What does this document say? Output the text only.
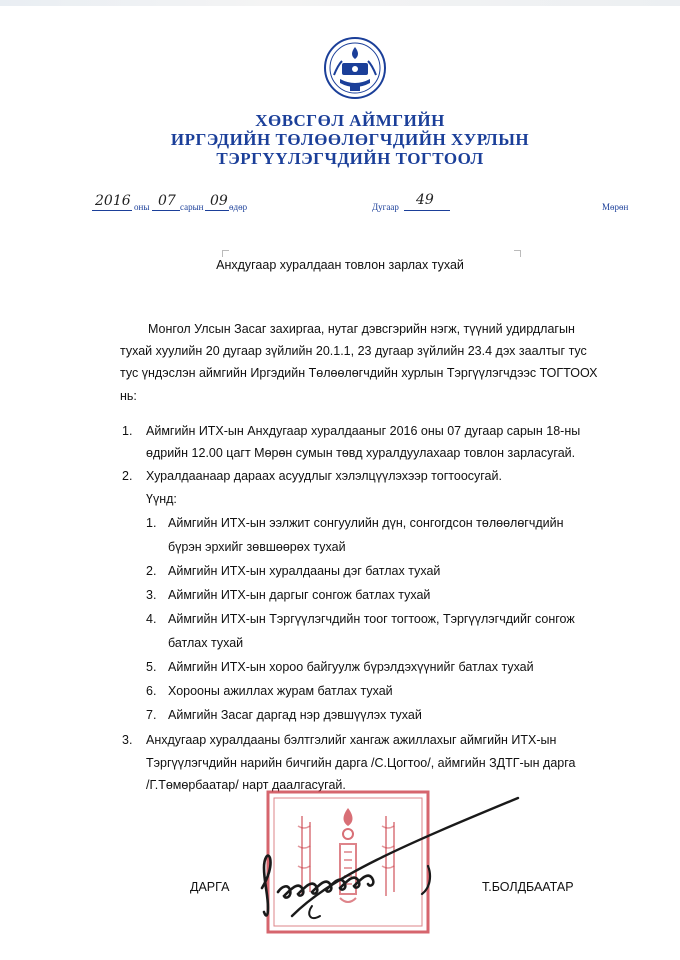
ХӨВСГӨЛ АЙМГИЙН
ИРГЭДИЙН ТӨЛӨӨЛӨГЧДИЙН ХУРЛЫН
ТЭРГҮҮЛЭГЧДИЙН ТОГТООЛ
2016 оны 07 сарын 09 өдөр	Дугаар 49	Мөрөн
Анхдугаар хуралдаан товлон зарлах тухай
Монгол Улсын Засаг захиргаа, нутаг дэвсгэрийн нэгж, түүний удирдлагын
тухай хуулийн 20 дугаар зүйлийн 20.1.1, 23 дугаар зүйлийн 23.4 дэх заалтыг тус
тус үндэслэн аймгийн Иргэдийн Төлөөлөгчдийн хурлын Тэргүүлэгчдээс ТОГТООХ
нь:
1. Аймгийн ИТХ-ын Анхдугаар хуралдааныг 2016 оны 07 дугаар сарын 18-ны
өдрийн 12.00 цагт Мөрөн сумын төвд хуралдуулахаар товлон зарласугай.
2. Хуралдаанаар дараах асуудлыг хэлэлцүүлэхээр тогтоосугай.
Үүнд:
1. Аймгийн ИТХ-ын ээлжит сонгуулийн дүн, сонгогдсон төлөөлөгчдийн
бүрэн эрхийг зөвшөөрөх тухай
2. Аймгийн ИТХ-ын хуралдааны дэг батлах тухай
3. Аймгийн ИТХ-ын даргыг сонгож батлах тухай
4. Аймгийн ИТХ-ын Тэргүүлэгчдийн тоог тогтоож, Тэргүүлэгчдийг сонгож
батлах тухай
5. Аймгийн ИТХ-ын хороо байгуулж бүрэлдэхүүнийг батлах тухай
6. Хорооны ажиллах журам батлах тухай
7. Аймгийн Засаг даргад нэр дэвшүүлэх тухай
3. Анхдугаар хуралдааны бэлтгэлийг хангаж ажиллахыг аймгийн ИТХ-ын
Тэргүүлэгчдийн нарийн бичгийн дарга /С.Цогтоо/, аймгийн ЗДТГ-ын дарга
/Г.Төмөрбаатар/ нарт даалгасугай.
ДАРГА	Т.БОЛДБААТАР
